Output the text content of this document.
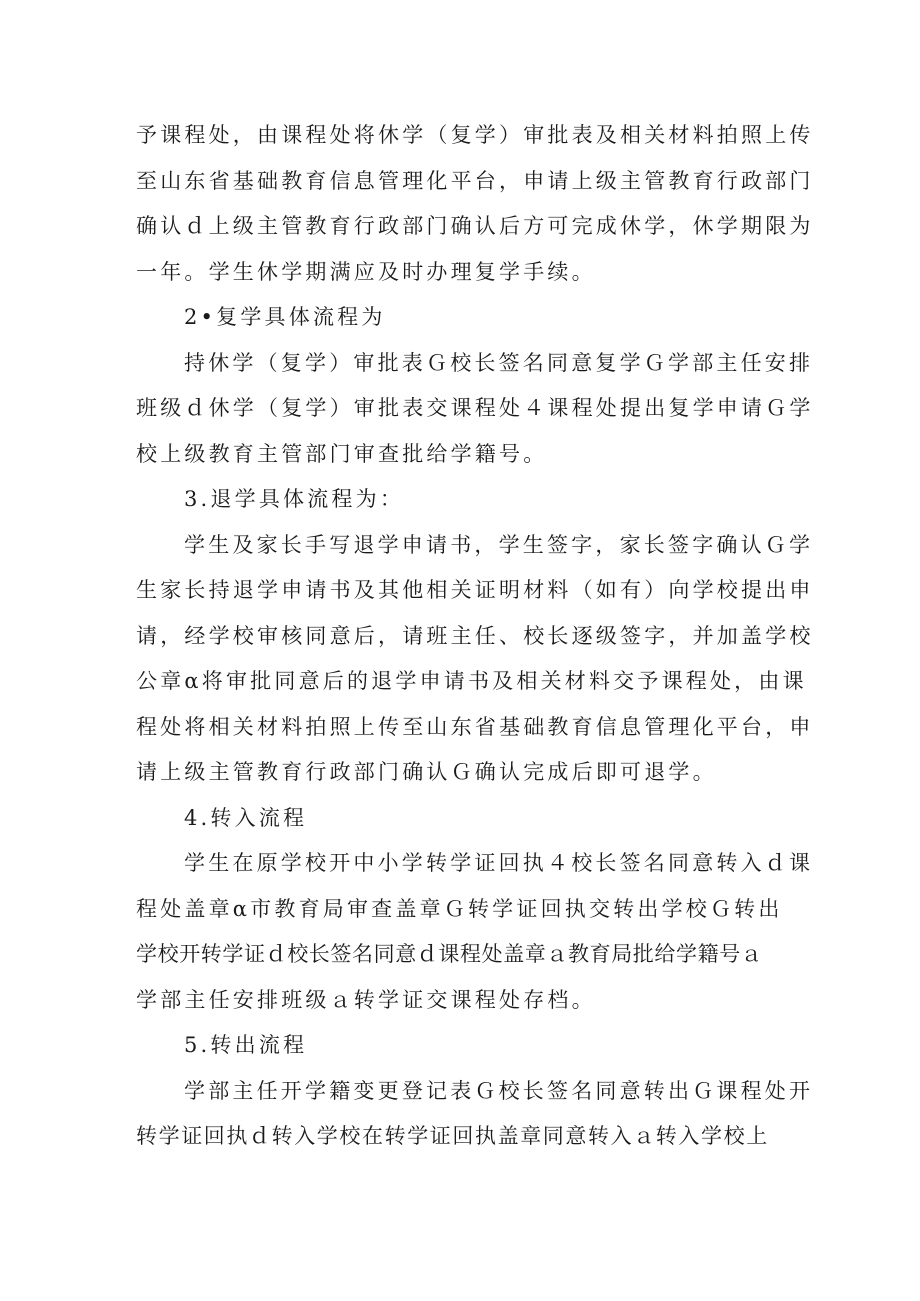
予课程处，由课程处将休学（复学）审批表及相关材料拍照上传
至山东省基础教育信息管理化平台，申请上级主管教育行政部门
确认ｄ上级主管教育行政部门确认后方可完成休学，休学期限为
一年。学生休学期满应及时办理复学手续。

2•复学具体流程为

持休学（复学）审批表Ｇ校长签名同意复学Ｇ学部主任安排
班级ｄ休学（复学）审批表交课程处４课程处提出复学申请Ｇ学
校上级教育主管部门审查批给学籍号。

3.退学具体流程为：

学生及家长手写退学申请书，学生签字，家长签字确认Ｇ学
生家长持退学申请书及其他相关证明材料（如有）向学校提出申
请，经学校审核同意后，请班主任、校长逐级签字，并加盖学校
公章α将审批同意后的退学申请书及相关材料交予课程处，由课
程处将相关材料拍照上传至山东省基础教育信息管理化平台，申
请上级主管教育行政部门确认Ｇ确认完成后即可退学。

4.转入流程

学生在原学校开中小学转学证回执４校长签名同意转入ｄ课
程处盖章α市教育局审查盖章Ｇ转学证回执交转出学校Ｇ转出
学校开转学证ｄ校长签名同意ｄ课程处盖章ａ教育局批给学籍号ａ
学部主任安排班级ａ转学证交课程处存档。

5.转出流程

学部主任开学籍变更登记表Ｇ校长签名同意转出Ｇ课程处开
转学证回执ｄ转入学校在转学证回执盖章同意转入ａ转入学校上
